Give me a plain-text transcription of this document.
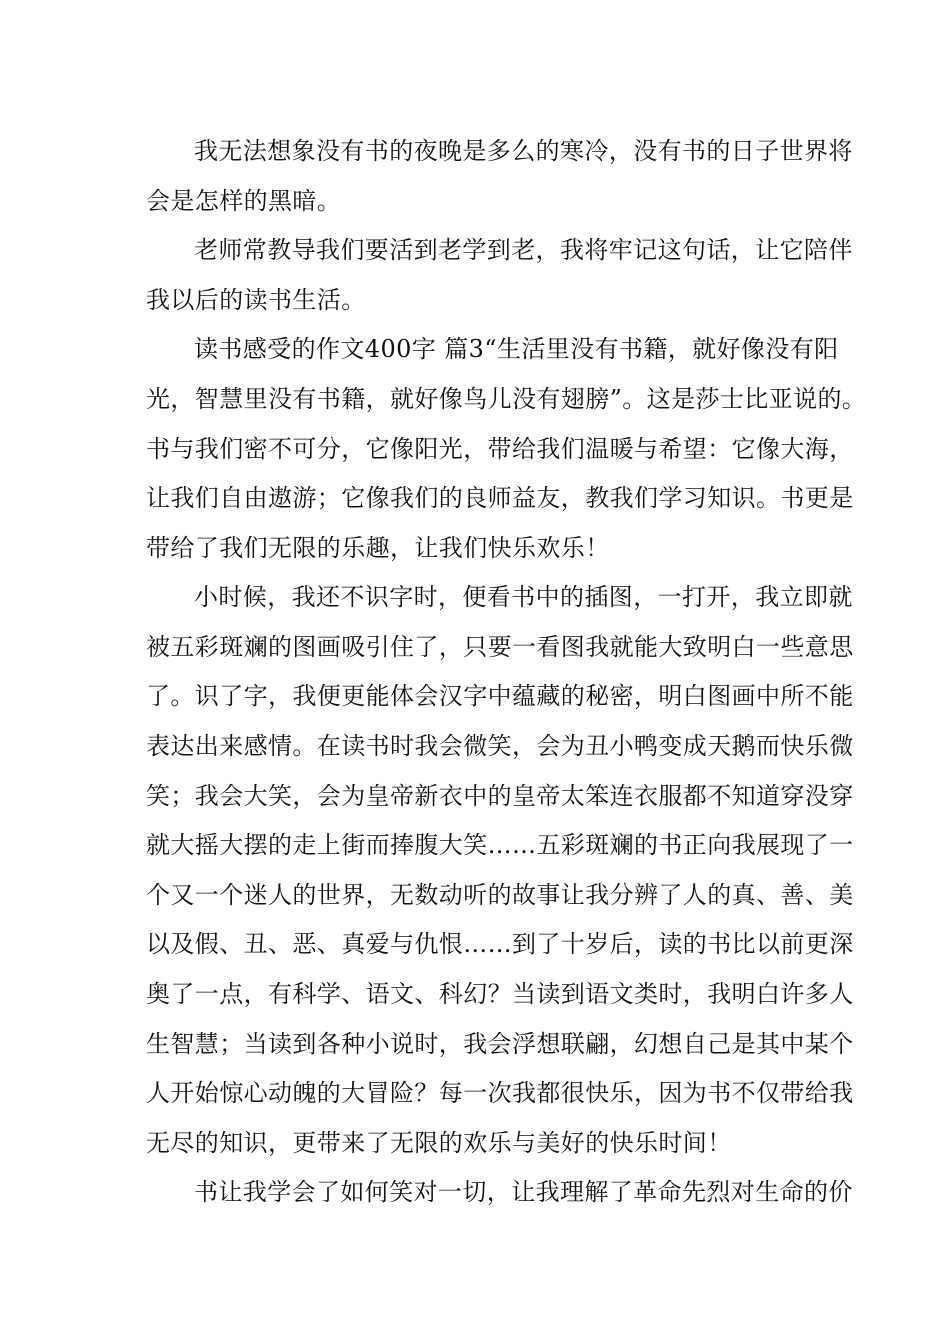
我无法想象没有书的夜晚是多么的寒冷，没有书的日子世界将
会是怎样的黑暗。
老师常教导我们要活到老学到老，我将牢记这句话，让它陪伴
我以后的读书生活。
读书感受的作文400字 篇3“生活里没有书籍，就好像没有阳
光，智慧里没有书籍，就好像鸟儿没有翅膀”。这是莎士比亚说的。
书与我们密不可分，它像阳光，带给我们温暖与希望：它像大海，
让我们自由遨游；它像我们的良师益友，教我们学习知识。书更是
带给了我们无限的乐趣，让我们快乐欢乐！
小时候，我还不识字时，便看书中的插图，一打开，我立即就
被五彩斑斓的图画吸引住了，只要一看图我就能大致明白一些意思
了。识了字，我便更能体会汉字中蕴藏的秘密，明白图画中所不能
表达出来感情。在读书时我会微笑，会为丑小鸭变成天鹅而快乐微
笑；我会大笑，会为皇帝新衣中的皇帝太笨连衣服都不知道穿没穿
就大摇大摆的走上街而捧腹大笑……五彩斑斓的书正向我展现了一
个又一个迷人的世界，无数动听的故事让我分辨了人的真、善、美
以及假、丑、恶、真爱与仇恨……到了十岁后，读的书比以前更深
奥了一点，有科学、语文、科幻？当读到语文类时，我明白许多人
生智慧；当读到各种小说时，我会浮想联翩，幻想自己是其中某个
人开始惊心动魄的大冒险？每一次我都很快乐，因为书不仅带给我
无尽的知识，更带来了无限的欢乐与美好的快乐时间！
书让我学会了如何笑对一切，让我理解了革命先烈对生命的价
